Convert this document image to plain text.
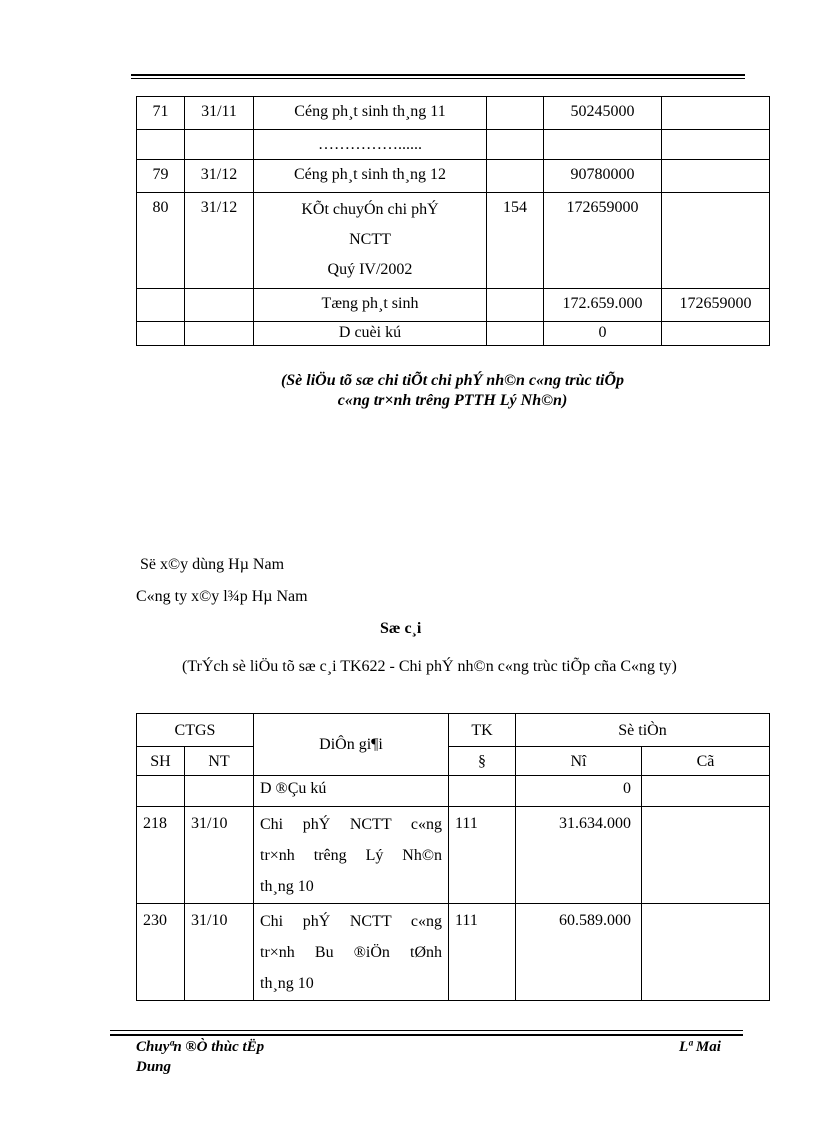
71	31/11	Céng ph¸t sinh th¸ng 11		50245000	
		……………......			
79	31/12	Céng ph¸t sinh th¸ng 12		90780000	
80	31/12	KÕt chuyÓn chi phÝ
NCTT
Quý IV/2002	154	172659000	
		Tæng ph¸t sinh		172.659.000	172659000
		D cuèi kú		0	
(Sè liÖu tõ sæ chi tiÕt chi phÝ nh©n c«ng trùc tiÕp
c«ng tr×nh trêng PTTH Lý Nh©n)
Së x©y dùng Hµ Nam
C«ng ty x©y l¾p Hµ Nam
Sæ c¸i
(TrÝch sè liÖu tõ sæ c¸i TK622 - Chi phÝ nh©n c«ng trùc tiÕp cña C«ng ty)
CTGS		DiÔn gi¶i	TK	Sè tiÒn	
SH	NT		§	Nî	Cã
		D ®Çu kú		0	
218	31/10	Chi phÝ NCTT c«ng
tr×nh trêng Lý Nh©n
th¸ng 10	111	31.634.000	
230	31/10	Chi phÝ NCTT c«ng
tr×nh Bu ®iÖn tØnh
th¸ng 10	111	60.589.000	
Chuyªn ®Ò thùc tËp
Dung
Lª Mai
